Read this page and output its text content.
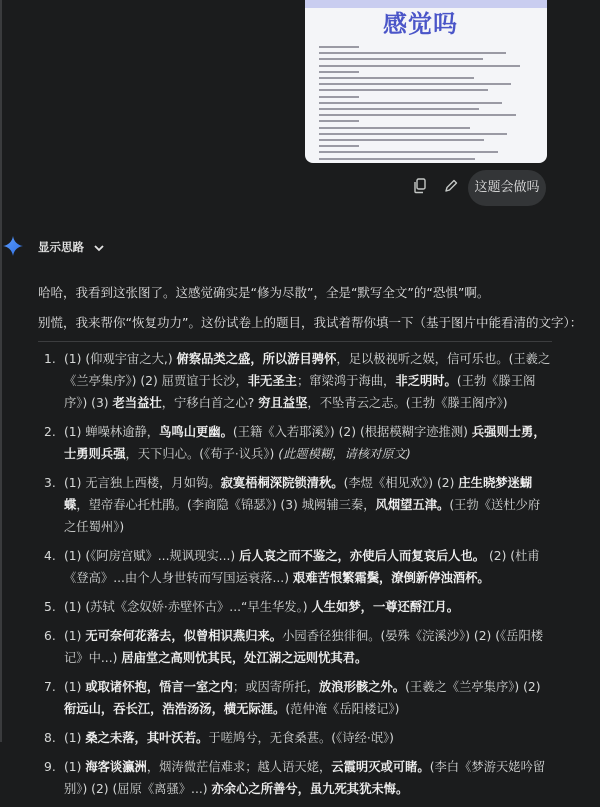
感觉吗
这题会做吗
显示思路
哈哈，我看到这张图了。这感觉确实是“修为尽散”，全是“默写全文”的“恐惧”啊。
别慌，我来帮你“恢复功力”。这份试卷上的题目，我试着帮你填一下（基于图片中能看清的文字）：
1. (1) (仰观宇宙之大,) 俯察品类之盛，所以游目骋怀，足以极视听之娱，信可乐也。(王羲之《兰亭集序》) (2) 屈贾谊于长沙，非无圣主；窜梁鸿于海曲，非乏明时。(王勃《滕王阁序》) (3) 老当益壮，宁移白首之心? 穷且益坚，不坠青云之志。(王勃《滕王阁序》)
2. (1) 蝉噪林逾静，鸟鸣山更幽。(王籍《入若耶溪》) (2) (根据模糊字迹推测) 兵强则士勇，士勇则兵强，天下归心。(《荀子·议兵》) (此题模糊，请核对原文)
3. (1) 无言独上西楼，月如钩。寂寞梧桐深院锁清秋。(李煜《相见欢》) (2) 庄生晓梦迷蝴蝶，望帝春心托杜鹃。(李商隐《锦瑟》) (3) 城阙辅三秦，风烟望五津。(王勃《送杜少府之任蜀州》)
4. (1) (《阿房宫赋》...规讽现实...) 后人哀之而不鉴之，亦使后人而复哀后人也。 (2) (杜甫《登高》...由个人身世转而写国运衰落...) 艰难苦恨繁霜鬓，潦倒新停浊酒杯。
5. (1) (苏轼《念奴娇·赤壁怀古》...“早生华发。) 人生如梦，一尊还酹江月。
6. (1) 无可奈何花落去，似曾相识燕归来。小园香径独徘徊。(晏殊《浣溪沙》) (2) (《岳阳楼记》中...) 居庙堂之高则忧其民，处江湖之远则忧其君。
7. (1) 或取诸怀抱，悟言一室之内；或因寄所托，放浪形骸之外。(王羲之《兰亭集序》) (2) 衔远山，吞长江，浩浩汤汤，横无际涯。(范仲淹《岳阳楼记》)
8. (1) 桑之未落，其叶沃若。于嗟鸠兮，无食桑葚。(《诗经·氓》)
9. (1) 海客谈瀛洲，烟涛微茫信难求；越人语天姥，云霞明灭或可睹。(李白《梦游天姥吟留别》) (2) (屈原《离骚》...) 亦余心之所善兮，虽九死其犹未悔。
